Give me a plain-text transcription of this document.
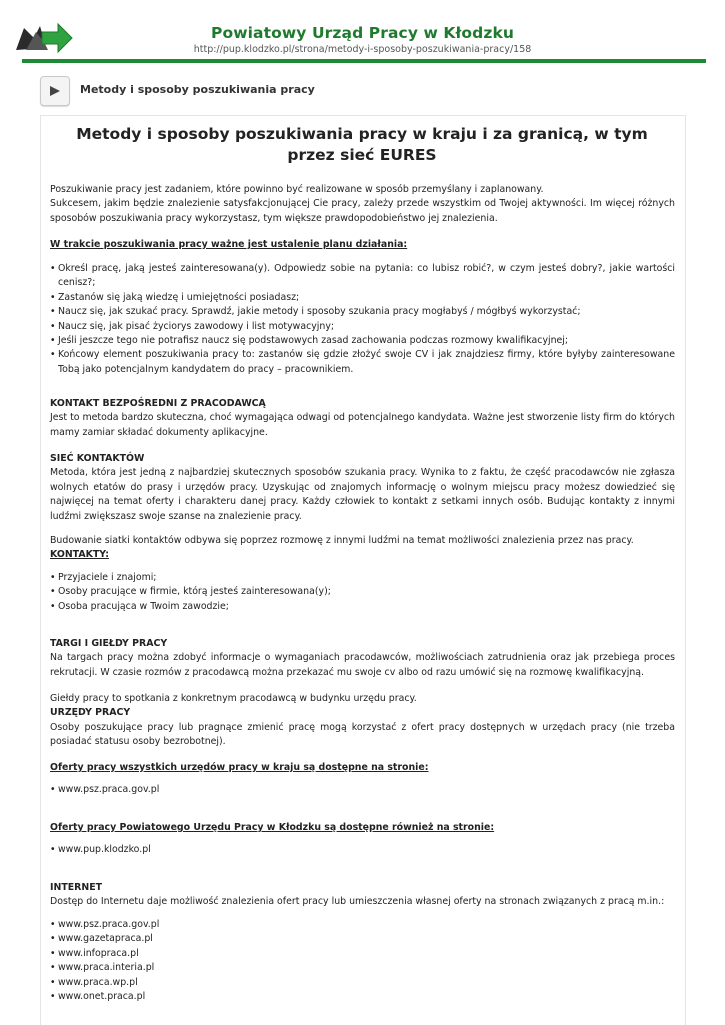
Powiatowy Urząd Pracy w Kłodzku
http://pup.klodzko.pl/strona/metody-i-sposoby-poszukiwania-pracy/158
Metody i sposoby poszukiwania pracy
Metody i sposoby poszukiwania pracy w kraju i za granicą, w tym przez sieć EURES

Poszukiwanie pracy jest zadaniem, które powinno być realizowane w sposób przemyślany i zaplanowany.

Sukcesem, jakim będzie znalezienie satysfakcjonującej Cie pracy, zależy przede wszystkim od Twojej aktywności. Im więcej różnych sposobów poszukiwania pracy wykorzystasz, tym większe prawdopodobieństwo jej znalezienia.

W trakcie poszukiwania pracy ważne jest ustalenie planu działania:

• Określ pracę, jaką jesteś zainteresowana(y). Odpowiedz sobie na pytania: co lubisz robić?, w czym jesteś dobry?, jakie wartości cenisz?;
• Zastanów się jaką wiedzę i umiejętności posiadasz;
• Naucz się, jak szukać pracy. Sprawdź, jakie metody i sposoby szukania pracy mogłabyś / mógłbyś wykorzystać;
• Naucz się, jak pisać życiorys zawodowy i list motywacyjny;
• Jeśli jeszcze tego nie potrafisz naucz się podstawowych zasad zachowania podczas rozmowy kwalifikacyjnej;
• Końcowy element poszukiwania pracy to: zastanów się gdzie złożyć swoje CV i jak znajdziesz firmy, które byłyby zainteresowane Tobą jako potencjalnym kandydatem do pracy – pracownikiem.

KONTAKT BEZPOŚREDNI Z PRACODAWCĄ

Jest to metoda bardzo skuteczna, choć wymagająca odwagi od potencjalnego kandydata. Ważne jest stworzenie listy firm do których mamy zamiar składać dokumenty aplikacyjne.

SIEĆ KONTAKTÓW

Metoda, która jest jedną z najbardziej skutecznych sposobów szukania pracy. Wynika to z faktu, że część pracodawców nie zgłasza wolnych etatów do prasy i urzędów pracy. Uzyskując od znajomych informację o wolnym miejscu pracy możesz dowiedzieć się najwięcej na temat oferty i charakteru danej pracy. Każdy człowiek to kontakt z setkami innych osób. Budując kontakty z innymi ludźmi zwiększasz swoje szanse na znalezienie pracy.

Budowanie siatki kontaktów odbywa się poprzez rozmowę z innymi ludźmi na temat możliwości znalezienia przez nas pracy.

KONTAKTY:

• Przyjaciele i znajomi;
• Osoby pracujące w firmie, którą jesteś zainteresowana(y);
• Osoba pracująca w Twoim zawodzie;

TARGI I GIEŁDY PRACY

Na targach pracy można zdobyć informacje o wymaganiach pracodawców, możliwościach zatrudnienia oraz jak przebiega proces rekrutacji. W czasie rozmów z pracodawcą można przekazać mu swoje cv albo od razu umówić się na rozmowę kwalifikacyjną.

Giełdy pracy to spotkania z konkretnym pracodawcą w budynku urzędu pracy.

URZĘDY PRACY

Osoby poszukujące pracy lub pragnące zmienić pracę mogą korzystać z ofert pracy dostępnych w urzędach pracy (nie trzeba posiadać statusu osoby bezrobotnej).

Oferty pracy wszystkich urzędów pracy w kraju są dostępne na stronie:

• www.psz.praca.gov.pl

Oferty pracy Powiatowego Urzędu Pracy w Kłodzku są dostępne również na stronie:

• www.pup.klodzko.pl

INTERNET

Dostęp do Internetu daje możliwość znalezienia ofert pracy lub umieszczenia własnej oferty na stronach związanych z pracą m.in.:

• www.psz.praca.gov.pl
• www.gazetapraca.pl
• www.infopraca.pl
• www.praca.interia.pl
• www.praca.wp.pl
• www.onet.praca.pl
